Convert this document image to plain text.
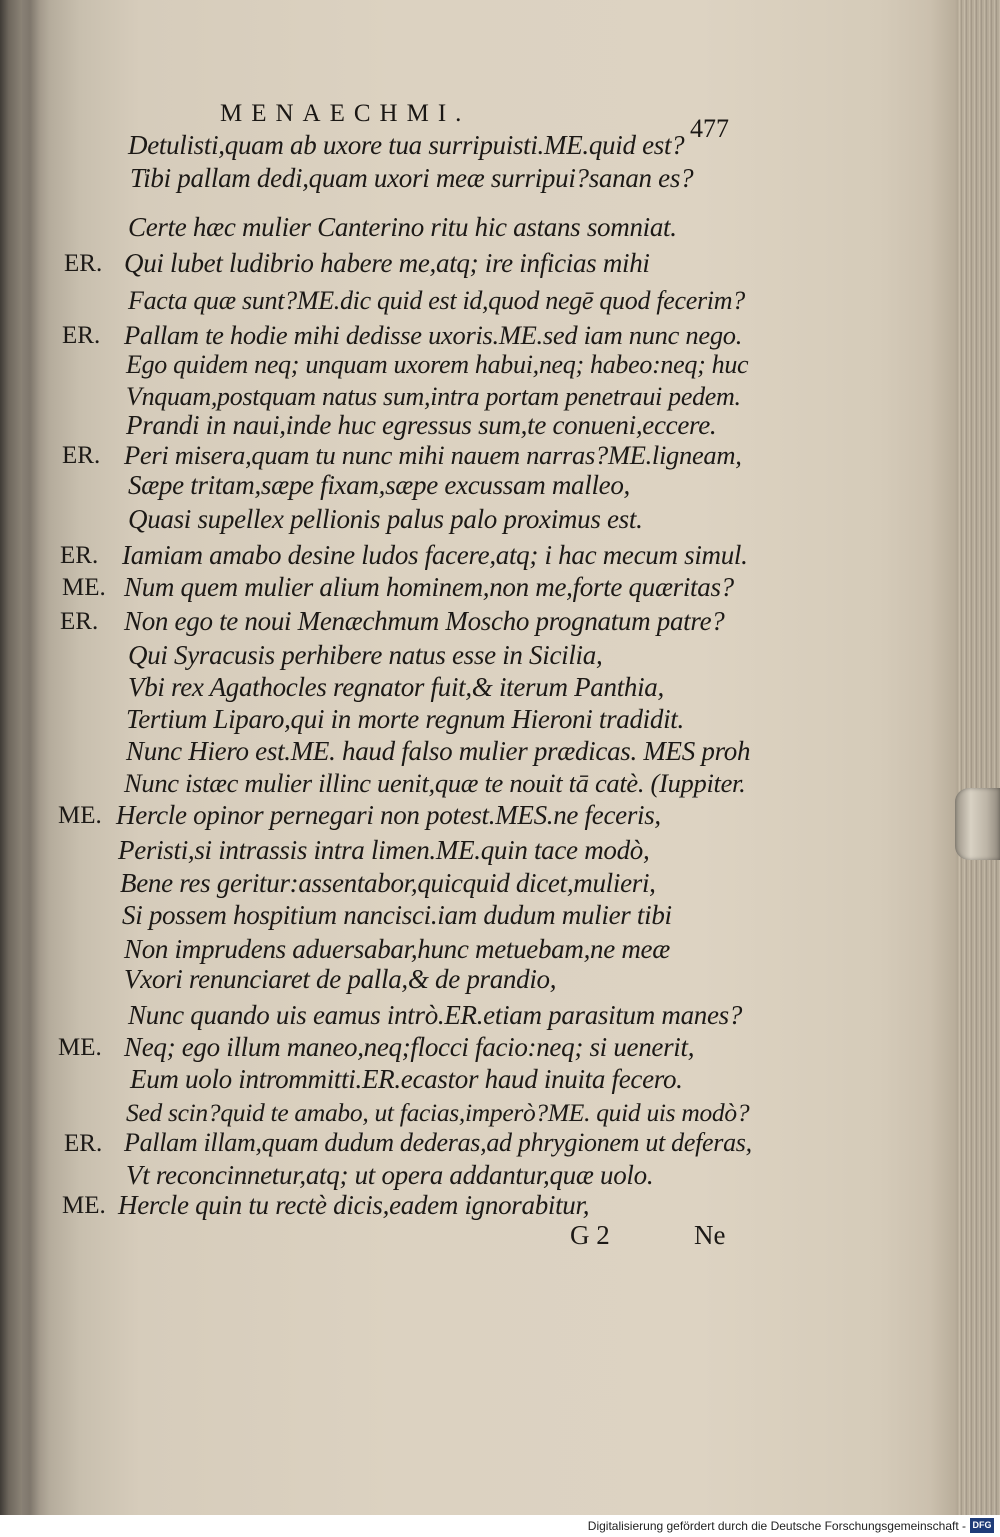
MENAECHMI.
477
Detulisti,quam ab uxore tua surripuisti.ME.quid est?
Tibi pallam dedi,quam uxori meæ surripui?sanan es?
Certe hæc mulier Canterino ritu hic astans somniat.
ER. Qui lubet ludibrio habere me,atq; ire inficias mihi
Facta quæ sunt?ME.dic quid est id,quod negē quod fecerim?
ER. Pallam te hodie mihi dedisse uxoris.ME.sed iam nunc nego.
Ego quidem neq; unquam uxorem habui,neq; habeo:neq; huc
Vnquam,postquam natus sum,intra portam penetraui pedem.
Prandi in naui,inde huc egressus sum,te conueni,eccere.
ER. Peri misera,quam tu nunc mihi nauem narras?ME.ligneam,
Sæpe tritam,sæpe fixam,sæpe excussam malleo,
Quasi supellex pellionis palus palo proximus est.
ER. Iamiam amabo desine ludos facere,atq; i hac mecum simul.
ME. Num quem mulier alium hominem,non me,forte quæritas?
ER. Non ego te noui Menæchmum Moscho prognatum patre?
Qui Syracusis perhibere natus esse in Sicilia,
Vbi rex Agathocles regnator fuit,& iterum Panthia,
Tertium Liparo,qui in morte regnum Hieroni tradidit.
Nunc Hiero est.ME. haud falso mulier prædicas. MES proh
Nunc istæc mulier illinc uenit,quæ te nouit tā catè. (Iuppiter.
ME. Hercle opinor pernegari non potest.MES.ne feceris,
Peristi,si intrassis intra limen.ME.quin tace modò,
Bene res geritur:assentabor,quicquid dicet,mulieri,
Si possem hospitium nancisci.iam dudum mulier tibi
Non imprudens aduersabar,hunc metuebam,ne meæ
Vxori renunciaret de palla,& de prandio,
Nunc quando uis eamus intrò.ER.etiam parasitum manes?
ME. Neq; ego illum maneo,neq;flocci facio:neq; si uenerit,
Eum uolo intrommitti.ER.ecastor haud inuita fecero.
Sed scin?quid te amabo, ut facias,imperò?ME. quid uis modò?
ER. Pallam illam,quam dudum dederas,ad phrygionem ut deferas,
Vt reconcinnetur,atq; ut opera addantur,quæ uolo.
ME. Hercle quin tu rectè dicis,eadem ignorabitur,
G 2	Ne
Digitalisierung gefördert durch die Deutsche Forschungsgemeinschaft - DFG
